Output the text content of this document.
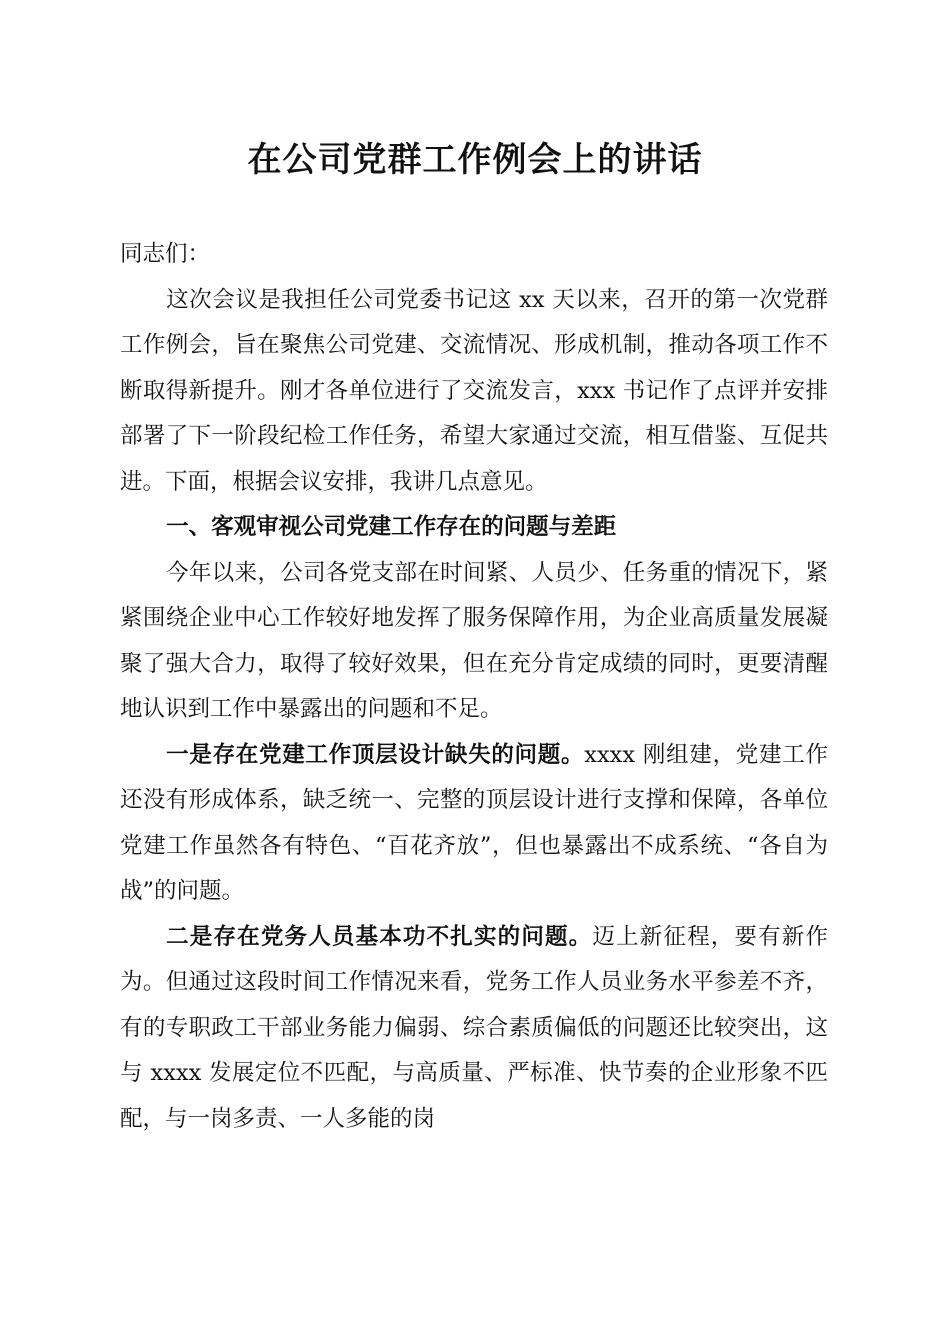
在公司党群工作例会上的讲话

同志们：

这次会议是我担任公司党委书记这 xx 天以来，召开的第一次党群工作例会，旨在聚焦公司党建、交流情况、形成机制，推动各项工作不断取得新提升。刚才各单位进行了交流发言，xxx 书记作了点评并安排部署了下一阶段纪检工作任务，希望大家通过交流，相互借鉴、互促共进。下面，根据会议安排，我讲几点意见。

一、客观审视公司党建工作存在的问题与差距

今年以来，公司各党支部在时间紧、人员少、任务重的情况下，紧紧围绕企业中心工作较好地发挥了服务保障作用，为企业高质量发展凝聚了强大合力，取得了较好效果，但在充分肯定成绩的同时，更要清醒地认识到工作中暴露出的问题和不足。

一是存在党建工作顶层设计缺失的问题。xxxx 刚组建，党建工作还没有形成体系，缺乏统一、完整的顶层设计进行支撑和保障，各单位党建工作虽然各有特色、“百花齐放”，但也暴露出不成系统、“各自为战”的问题。

二是存在党务人员基本功不扎实的问题。迈上新征程，要有新作为。但通过这段时间工作情况来看，党务工作人员业务水平参差不齐，有的专职政工干部业务能力偏弱、综合素质偏低的问题还比较突出，这与 xxxx 发展定位不匹配，与高质量、严标准、快节奏的企业形象不匹配，与一岗多责、一人多能的岗
